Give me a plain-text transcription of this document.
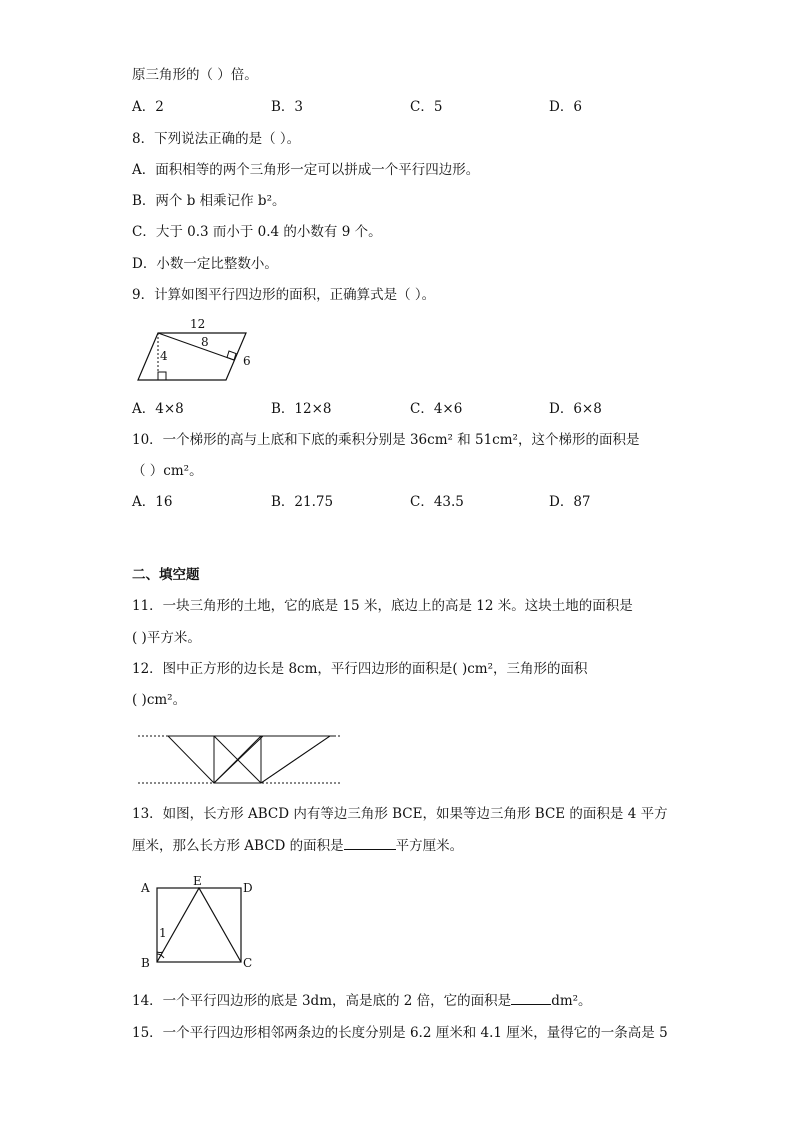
原三角形的（ ）倍。
A．2	B．3	C．5	D．6
8．下列说法正确的是（ ）。
A．面积相等的两个三角形一定可以拼成一个平行四边形。
B．两个 b 相乘记作 b²。
C．大于 0.3 而小于 0.4 的小数有 9 个。
D．小数一定比整数小。
9．计算如图平行四边形的面积，正确算式是（ ）。
12
8
4	6
A．4×8	B．12×8	C．4×6	D．6×8
10．一个梯形的高与上底和下底的乘积分别是 36cm² 和 51cm²，这个梯形的面积是
（ ）cm²。
A．16	B．21.75	C．43.5	D．87
二、填空题
11．一块三角形的土地，它的底是 15 米，底边上的高是 12 米。这块土地的面积是
( )平方米。
12．图中正方形的边长是 8cm，平行四边形的面积是( )cm²，三角形的面积
( )cm²。
13．如图，长方形 ABCD 内有等边三角形 BCE，如果等边三角形 BCE 的面积是 4 平方
厘米，那么长方形 ABCD 的面积是	平方厘米。
A	E	D
B	C
1
14．一个平行四边形的底是 3dm，高是底的 2 倍，它的面积是	dm²。
15．一个平行四边形相邻两条边的长度分别是 6.2 厘米和 4.1 厘米，量得它的一条高是 5
